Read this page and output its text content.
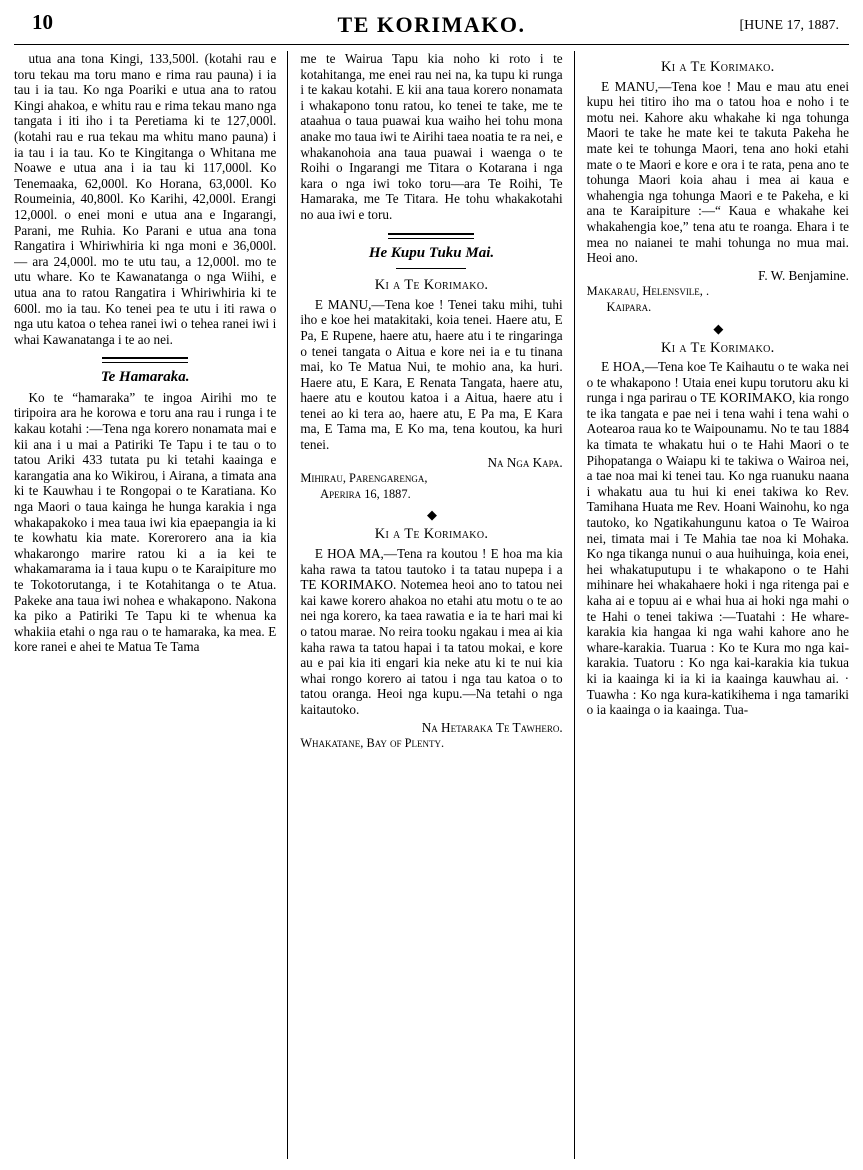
10	TE KORIMAKO.	[HUNE 17, 1887.

utua ana tona Kingi, 133,500l. (kotahi rau e toru tekau ma toru mano e rima rau pauna) i ia tau i ia tau. Ko nga Poariki e utua ana to ratou Kingi ahakoa, e whitu rau e rima tekau mano nga tangata i iti iho i ta Peretiama ki te 127,000l. (kotahi rau e rua tekau ma whitu mano pauna) i ia tau i ia tau. Ko te Kingitanga o Whitana me Noawe e utua ana i ia tau ki 117,000l. Ko Tenemaaka, 62,000l. Ko Horana, 63,000l. Ko Roumeinia, 40,800l. Ko Karihi, 42,000l. Erangi 12,000l. o enei moni e utua ana e Ingarangi, Parani, me Ruhia. Ko Parani e utua ana tona Rangatira i Whiriwhiria ki nga moni e 36,000l. — ara 24,000l. mo te utu tau, a 12,000l. mo te utu whare. Ko te Kawanatanga o nga Wiihi, e utua ana to ratou Rangatira i Whiriwhiria ki te 600l. mo ia tau. Ko tenei pea te utu i iti rawa o nga utu katoa o tehea ranei iwi o tehea ranei iwi i whai Kawanatanga i te ao nei.

Te Hamaraka.

Ko te “hamaraka” te ingoa Airihi mo te tiripoira ara he korowa e toru ana rau i runga i te kakau kotahi :—Tena nga korero nonamata mai e kii ana i u mai a Patiriki Te Tapu i te tau o to tatou Ariki 433 tutata pu ki tetahi kaainga e karangatia ana ko Wikirou, i Airana, a timata ana ki te Kauwhau i te Rongopai o te Karatiana. Ko nga Maori o taua kainga he hunga karakia i nga whakapakoko i mea taua iwi kia epaepangia ia ki te kowhatu kia mate. Korerorero ana ia kia whakarongo marire ratou ki a ia kei te whakamarama ia i taua kupu o te Karaipiture mo te Tokotorutanga, i te Kotahitanga o te Atua. Pakeke ana taua iwi nohea e whakapono. Nakona ka piko a Patiriki Te Tapu ki te whenua ka whakiia etahi o nga rau o te hamaraka, ka mea. E kore ranei e ahei te Matua Te Tama

me te Wairua Tapu kia noho ki roto i te kotahitanga, me enei rau nei na, ka tupu ki runga i te kakau kotahi. E kii ana taua korero nonamata i whakapono tonu ratou, ko tenei te take, me te ataahua o taua puawai kua waiho hei tohu mona anake mo taua iwi te Airihi taea noatia te ra nei, e whakanohoia ana taua puawai i waenga o te Roihi o Ingarangi me Titara o Kotarana i nga kara o nga iwi toko toru—ara Te Roihi, Te Hamaraka, me Te Titara. He tohu whakakotahi no aua iwi e toru.

He Kupu Tuku Mai.
Ki a Te Korimako.

E MANU,—Tena koe ! Tenei taku mihi, tuhi iho e koe hei matakitaki, koia tenei. Haere atu, E Pa, E Rupene, haere atu, haere atu i te ringaringa o tenei tangata o Aitua e kore nei ia e tu tinana mai, ko Te Matua Nui, te mohio ana, ka huri. Haere atu, E Kara, E Renata Tangata, haere atu, haere atu e koutou katoa i a Aitua, haere atu i tenei ao ki tera ao, haere atu, E Pa ma, E Kara ma, E Tama ma, E Ko ma, tena koutou, ka huri tenei.

Na Nga Kapa.
Mihirau, Parengarenga,
Aperira 16, 1887.
◆
Ki a Te Korimako.

E HOA MA,—Tena ra koutou ! E hoa ma kia kaha rawa ta tatou tautoko i ta tatau nupepa i a TE KORIMAKO. Notemea heoi ano to tatou nei kai kawe korero ahakoa no etahi atu motu o te ao nei nga korero, ka taea rawatia e ia te hari mai ki o tatou marae. No reira tooku ngakau i mea ai kia kaha rawa ta tatou hapai i ta tatou mokai, e kore au e pai kia iti engari kia neke atu ki te nui kia whai rongo korero ai tatou i nga tau katoa o to tatou oranga. Heoi nga kupu.—Na tetahi o nga kaitautoko.

Na Hetaraka Te Tawhero.
Whakatane, Bay of Plenty.
Ki a Te Korimako.

E MANU,—Tena koe ! Mau e mau atu enei kupu hei titiro iho ma o tatou hoa e noho i te motu nei. Kahore aku whakahe ki nga tohunga Maori te take he mate kei te takuta Pakeha he mate kei te tohunga Maori, tena ano hoki etahi mate o te Maori e kore e ora i te rata, pena ano te tohunga Maori koia ahau i mea ai kaua e whahengia nga tohunga Maori e te Pakeha, e ki ana te Karaipiture :—“ Kaua e whakahe kei whakahengia koe,” tena atu te roanga. Ehara i te mea no naianei te mahi tohunga no mua mai. Heoi ano.

F. W. Benjamine.
Makarau, Helensvile, .
Kaipara.
◆
Ki a Te Korimako.

E HOA,—Tena koe Te Kaihautu o te waka nei o te whakapono ! Utaia enei kupu torutoru aku ki runga i nga parirau o TE KORIMAKO, kia rongo te ika tangata e pae nei i tena wahi i tena wahi o Aotearoa raua ko te Waipounamu. No te tau 1884 ka timata te whakatu hui o te Hahi Maori o te Pihopatanga o Waiapu ki te takiwa o Wairoa nei, a tae noa mai ki tenei tau. Ko nga ruanuku naana i whakatu aua tu hui ki enei takiwa ko Rev. Tamihana Huata me Rev. Hoani Wainohu, ko nga tautoko, ko Ngatikahungunu katoa o Te Wairoa nei, timata mai i Te Mahia tae noa ki Mohaka. Ko nga tikanga nunui o aua huihuinga, koia enei, hei whakatuputupu i te whakapono o te Hahi mihinare hei whakahaere hoki i nga ritenga pai e kaha ai e topuu ai e whai hua ai hoki nga mahi o te Hahi o tenei takiwa :—Tuatahi : He whare-karakia kia hangaa ki nga wahi kahore ano he whare-karakia. Tuarua : Ko te Kura mo nga kai-karakia. Tuatoru : Ko nga kai-karakia kia tukua ki ia kaainga ki ia ki ia kaainga kauwhau ai. · Tuawha : Ko nga kura-katikihema i nga tamariki o ia kaainga o ia kaainga. Tua-
